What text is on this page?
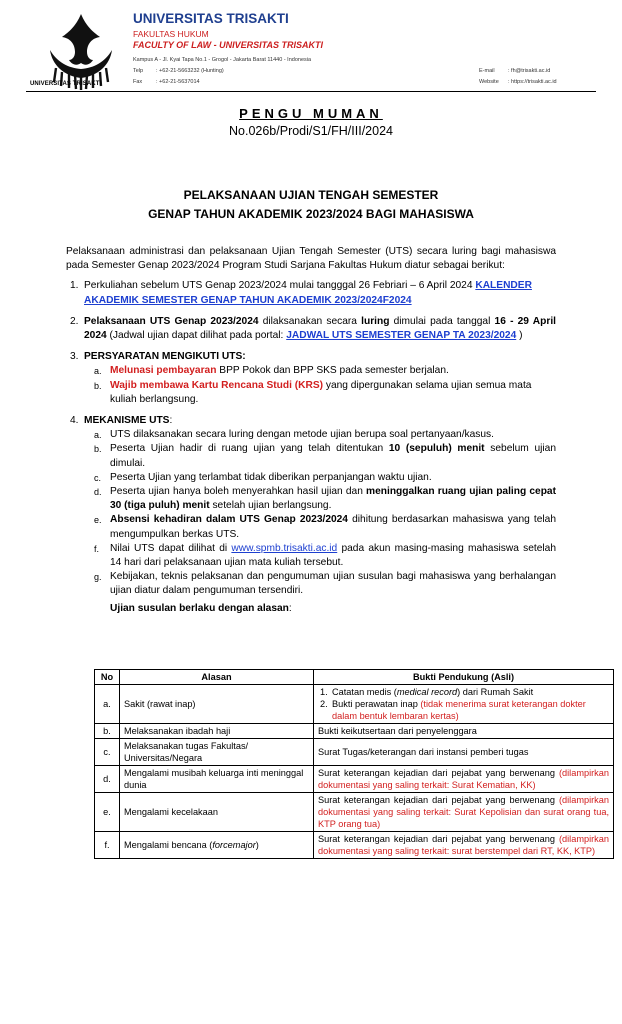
UNIVERSITAS TRISAKTI
UNIVERSITAS TRISAKTI
FAKULTAS HUKUM
FACULTY OF LAW - UNIVERSITAS TRISAKTI
Kampus A - Jl. Kyai Tapa No.1 - Grogol - Jakarta Barat 11440 - Indonesia
Telp : +62-21-5663232 (Hunting)
Fax	: +62-21-5637014
E-mail : fh@trisakti.ac.id
Website : https://trisakti.ac.id
PENGU MUMAN
No.026b/Prodi/S1/FH/III/2024
PELAKSANAAN UJIAN TENGAH SEMESTER
GENAP TAHUN AKADEMIK 2023/2024 BAGI MAHASISWA

Pelaksanaan administrasi dan pelaksanaan Ujian Tengah Semester (UTS) secara luring bagi mahasiswa pada Semester Genap 2023/2024 Program Studi Sarjana Fakultas Hukum diatur sebagai berikut:

1. Perkuliahan sebelum UTS Genap 2023/2024 mulai tangggal 26 Febriari – 6 April 2024 KALENDER AKADEMIK SEMESTER GENAP TAHUN AKADEMIK 2023/2024F2024
2. Pelaksanaan UTS Genap 2023/2024 dilaksanakan secara luring dimulai pada tanggal 16 - 29 April 2024 (Jadwal ujian dapat dilihat pada portal: JADWAL UTS SEMESTER GENAP TA 2023/2024 )
3. PERSYARATAN MENGIKUTI UTS:
a. Melunasi pembayaran BPP Pokok dan BPP SKS pada semester berjalan.
b. Wajib membawa Kartu Rencana Studi (KRS) yang dipergunakan selama ujian semua mata kuliah berlangsung.
4. MEKANISME UTS:
a. UTS dilaksanakan secara luring dengan metode ujian berupa soal pertanyaan/kasus.
b. Peserta Ujian hadir di ruang ujian yang telah ditentukan 10 (sepuluh) menit sebelum ujian dimulai.
c. Peserta Ujian yang terlambat tidak diberikan perpanjangan waktu ujian.
d. Peserta ujian hanya boleh menyerahkan hasil ujian dan meninggalkan ruang ujian paling cepat 30 (tiga puluh) menit setelah ujian berlangsung.
e. Absensi kehadiran dalam UTS Genap 2023/2024 dihitung berdasarkan mahasiswa yang telah mengumpulkan berkas UTS.
f. Nilai UTS dapat dilihat di www.spmb.trisakti.ac.id pada akun masing-masing mahasiswa setelah 14 hari dari pelaksanaan ujian mata kuliah tersebut.
g. Kebijakan, teknis pelaksanan dan pengumuman ujian susulan bagi mahasiswa yang berhalangan ujian diatur dalam pengumuman tersendiri.
Ujian susulan berlaku dengan alasan:
No	Alasan	Bukti Pendukung (Asli)
a.	Sakit (rawat inap)	1. Catatan medis (medical record) dari Rumah Sakit
2. Bukti perawatan inap (tidak menerima surat keterangan dokter dalam bentuk lembaran kertas)

b.	Melaksanakan ibadah haji	Bukti keikutsertaan dari penyelenggara
c.	Melaksanakan tugas Fakultas/ Universitas/Negara	Surat Tugas/keterangan dari instansi pemberi tugas
d.	Mengalami musibah keluarga inti meninggal dunia	Surat keterangan kejadian dari pejabat yang berwenang (dilampirkan dokumentasi yang saling terkait: Surat Kematian, KK)
e.	Mengalami kecelakaan	Surat keterangan kejadian dari pejabat yang berwenang (dilampirkan dokumentasi yang saling terkait: Surat Kepolisian dan surat orang tua, KTP orang tua)
f.	Mengalami bencana (forcemajor)	Surat keterangan kejadian dari pejabat yang berwenang (dilampirkan dokumentasi yang saling terkait: surat berstempel dari RT, KK, KTP)
